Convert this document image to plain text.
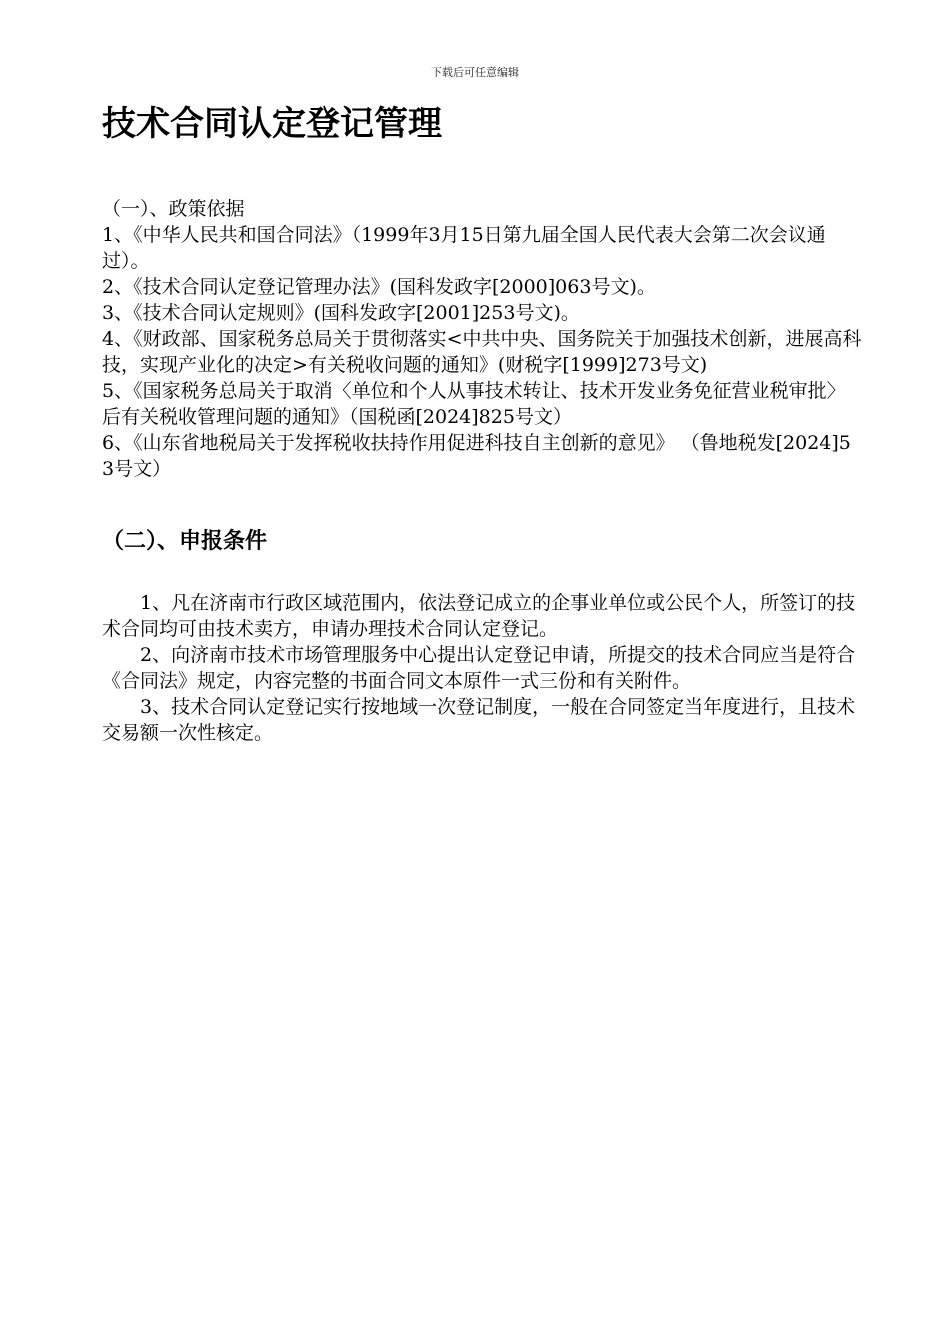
下载后可任意编辑
技术合同认定登记管理

（一）、政策依据

1、《中华人民共和国合同法》（1999年3月15日第九届全国人民代表大会第二次会议通过）。

2、《技术合同认定登记管理办法》(国科发政字[2000]063号文)。

3、《技术合同认定规则》(国科发政字[2001]253号文)。

4、《财政部、国家税务总局关于贯彻落实<中共中央、国务院关于加强技术创新，进展高科技，实现产业化的决定>有关税收问题的通知》(财税字[1999]273号文)

5、《国家税务总局关于取消〈单位和个人从事技术转让、技术开发业务免征营业税审批〉后有关税收管理问题的通知》（国税函[2024]825号文）

6、《山东省地税局关于发挥税收扶持作用促进科技自主创新的意见》 （鲁地税发[2024]53号文）

（二）、申报条件

1、凡在济南市行政区域范围内，依法登记成立的企事业单位或公民个人，所签订的技术合同均可由技术卖方，申请办理技术合同认定登记。

2、向济南市技术市场管理服务中心提出认定登记申请，所提交的技术合同应当是符合《合同法》规定，内容完整的书面合同文本原件一式三份和有关附件。

3、技术合同认定登记实行按地域一次登记制度，一般在合同签定当年度进行，且技术交易额一次性核定。
